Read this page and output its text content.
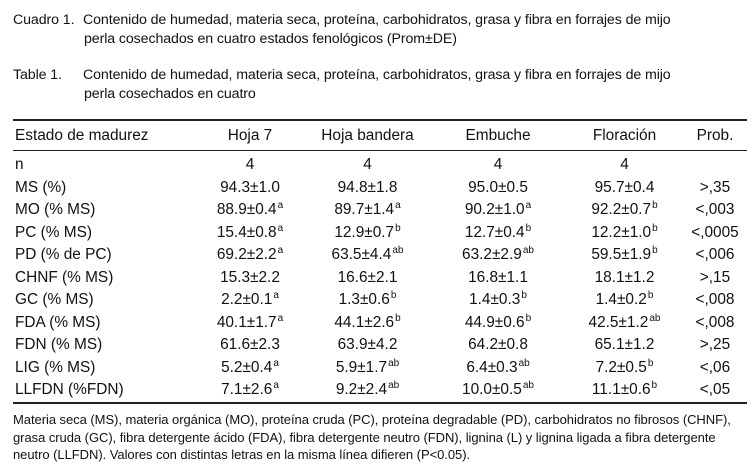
Cuadro 1. Contenido de humedad, materia seca, proteína, carbohidratos, grasa y fibra en forrajes de mijo
perla cosechados en cuatro estados fenológicos (Prom±DE)
Table 1. Contenido de humedad, materia seca, proteína, carbohidratos, grasa y fibra en forrajes de mijo
perla cosechados en cuatro
Estado de madurez	Hoja 7	Hoja bandera	Embuche	Floración	Prob.
n	4	4	4	4	
MS (%)	94.3±1.0	94.8±1.8	95.0±0.5	95.7±0.4	>,35
MO (% MS)	88.9±0.4$^a$	89.7±1.4$^a$	90.2±1.0$^a$	92.2±0.7$^b$	<,003
PC (% MS)	15.4±0.8$^a$	12.9±0.7$^b$	12.7±0.4$^b$	12.2±1.0$^b$	<,0005
PD (% de PC)	69.2±2.2$^a$	63.5±4.4$^{ab}$	63.2±2.9$^{ab}$	59.5±1.9$^b$	<,006
CHNF (% MS)	15.3±2.2	16.6±2.1	16.8±1.1	18.1±1.2	>,15
GC (% MS)	2.2±0.1$^a$	1.3±0.6$^b$	1.4±0.3$^b$	1.4±0.2$^b$	<,008
FDA (% MS)	40.1±1.7$^a$	44.1±2.6$^b$	44.9±0.6$^b$	42.5±1.2$^{ab}$	<,008
FDN (% MS)	61.6±2.3	63.9±4.2	64.2±0.8	65.1±1.2	>,25
LIG (% MS)	5.2±0.4$^a$	5.9±1.7$^{ab}$	6.4±0.3$^{ab}$	7.2±0.5$^b$	<,06
LLFDN (%FDN)	7.1±2.6$^a$	9.2±2.4$^{ab}$	10.0±0.5$^{ab}$	11.1±0.6$^b$	<,05
Materia seca (MS), materia orgánica (MO), proteína cruda (PC), proteína degradable (PD), carbohidratos no fibrosos (CHNF), grasa cruda (GC), fibra detergente ácido (FDA), fibra detergente neutro (FDN), lignina (L) y lignina ligada a fibra detergente neutro (LLFDN). Valores con distintas letras en la misma línea difieren (P<0.05).
